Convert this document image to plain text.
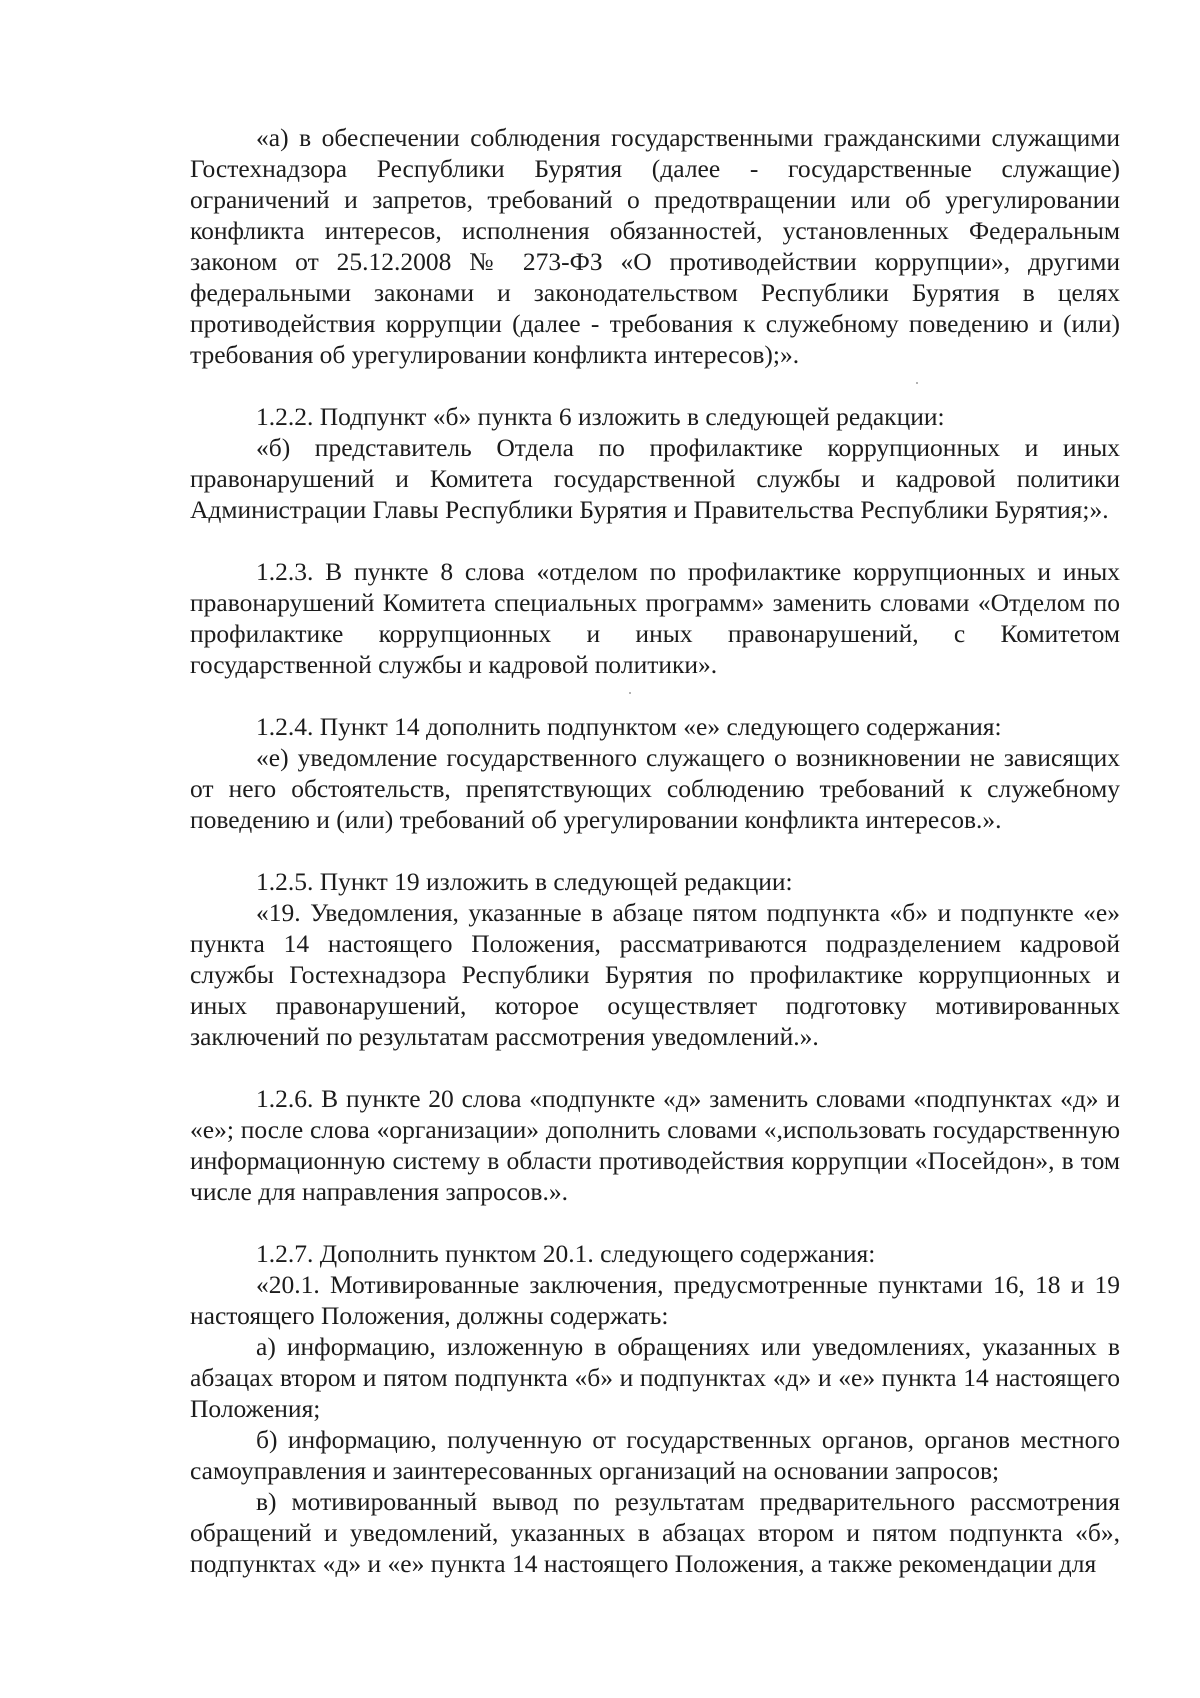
«а) в обеспечении соблюдения государственными гражданскими служащими Гостехнадзора Республики Бурятия (далее - государственные служащие) ограничений и запретов, требований о предотвращении или об урегулировании конфликта интересов, исполнения обязанностей, установленных Федеральным законом от 25.12.2008 № 273-ФЗ «О противодействии коррупции», другими федеральными законами и законодательством Республики Бурятия в целях противодействия коррупции (далее - требования к служебному поведению и (или) требования об урегулировании конфликта интересов);».

1.2.2. Подпункт «б» пункта 6 изложить в следующей редакции:

«б) представитель Отдела по профилактике коррупционных и иных правонарушений и Комитета государственной службы и кадровой политики Администрации Главы Республики Бурятия и Правительства Республики Бурятия;».

1.2.3. В пункте 8 слова «отделом по профилактике коррупционных и иных правонарушений Комитета специальных программ» заменить словами «Отделом по профилактике коррупционных и иных правонарушений, с Комитетом государственной службы и кадровой политики».

1.2.4. Пункт 14 дополнить подпунктом «е» следующего содержания:

«е) уведомление государственного служащего о возникновении не зависящих от него обстоятельств, препятствующих соблюдению требований к служебному поведению и (или) требований об урегулировании конфликта интересов.».

1.2.5. Пункт 19 изложить в следующей редакции:

«19. Уведомления, указанные в абзаце пятом подпункта «б» и подпункте «е» пункта 14 настоящего Положения, рассматриваются подразделением кадровой службы Гостехнадзора Республики Бурятия по профилактике коррупционных и иных правонарушений, которое осуществляет подготовку мотивированных заключений по результатам рассмотрения уведомлений.».

1.2.6. В пункте 20 слова «подпункте «д» заменить словами «подпунктах «д» и «е»; после слова «организации» дополнить словами «,использовать государственную информационную систему в области противодействия коррупции «Посейдон», в том числе для направления запросов.».

1.2.7. Дополнить пунктом 20.1. следующего содержания:

«20.1. Мотивированные заключения, предусмотренные пунктами 16, 18 и 19 настоящего Положения, должны содержать:

а) информацию, изложенную в обращениях или уведомлениях, указанных в абзацах втором и пятом подпункта «б» и подпунктах «д» и «е» пункта 14 настоящего Положения;

б) информацию, полученную от государственных органов, органов местного самоуправления и заинтересованных организаций на основании запросов;

в) мотивированный вывод по результатам предварительного рассмотрения обращений и уведомлений, указанных в абзацах втором и пятом подпункта «б», подпунктах «д» и «е» пункта 14 настоящего Положения, а также рекомендации для
